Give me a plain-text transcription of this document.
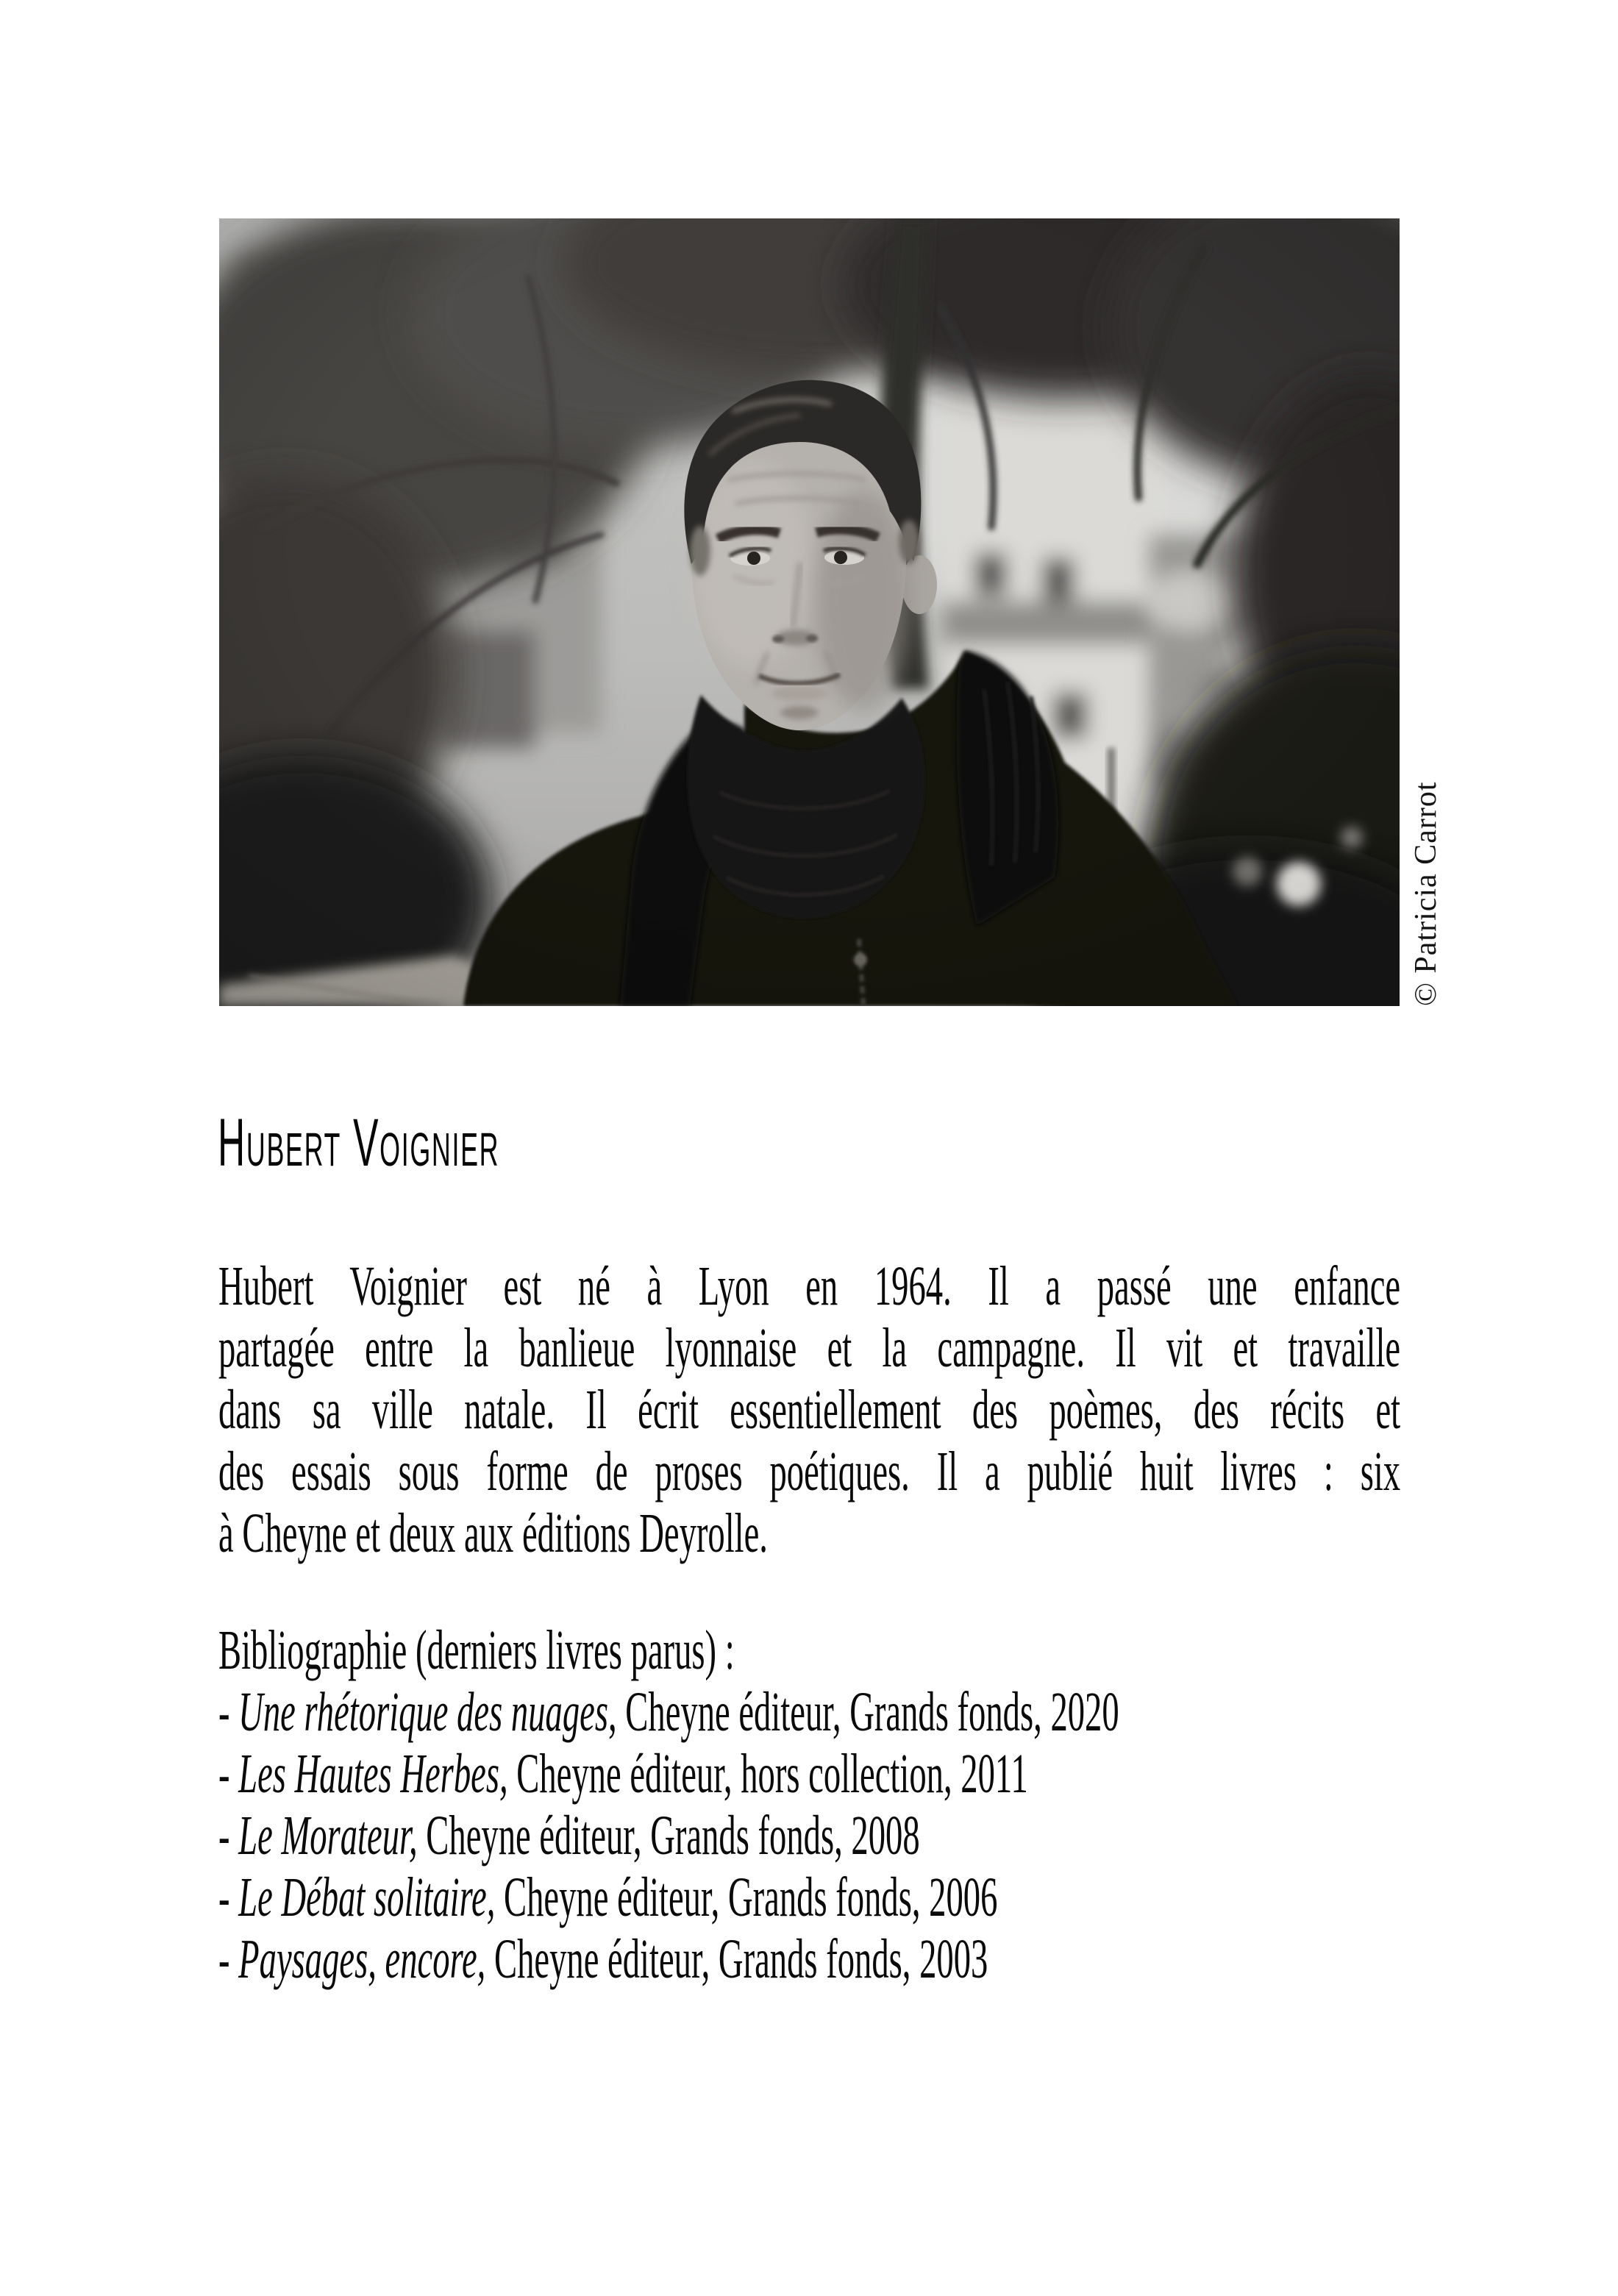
© Patricia Carrot
Hubert Voignier
Hubert Voignier est né à Lyon en 1964. Il a passé une enfance
partagée entre la banlieue lyonnaise et la campagne. Il vit et travaille
dans sa ville natale. Il écrit essentiellement des poèmes, des récits et
des essais sous forme de proses poétiques. Il a publié huit livres : six
à Cheyne et deux aux éditions Deyrolle.
Bibliographie (derniers livres parus) :
- Une rhétorique des nuages, Cheyne éditeur, Grands fonds, 2020
- Les Hautes Herbes, Cheyne éditeur, hors collection, 2011
- Le Morateur, Cheyne éditeur, Grands fonds, 2008
- Le Débat solitaire, Cheyne éditeur, Grands fonds, 2006
- Paysages, encore, Cheyne éditeur, Grands fonds, 2003
